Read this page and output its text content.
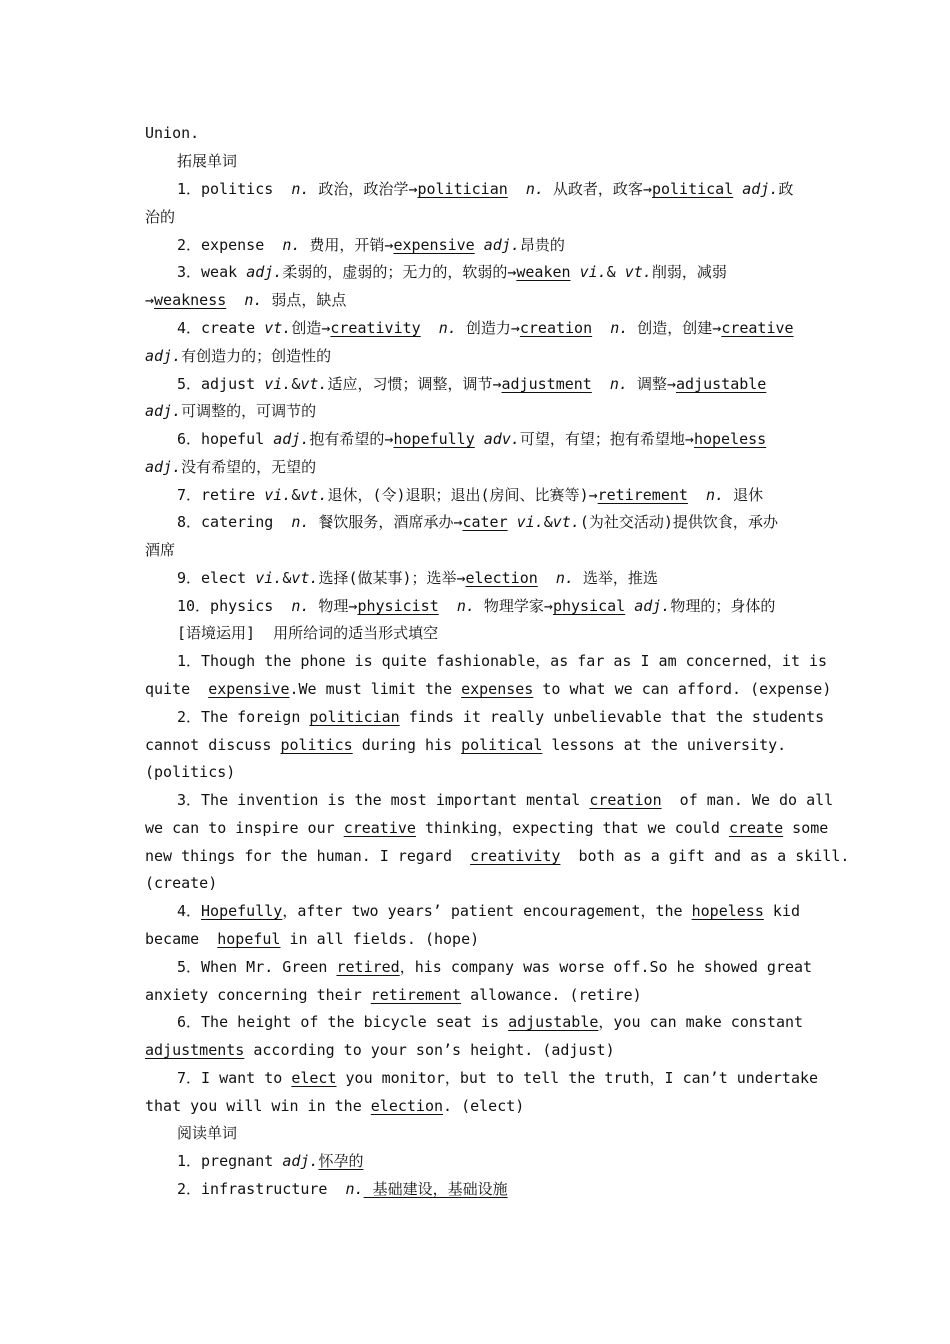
Union.
拓展单词
1．politics  n. 政治，政治学→politician n. 从政者，政客→political adj.政
治的
2．expense  n. 费用，开销→expensive adj.昂贵的
3．weak adj.柔弱的，虚弱的；无力的，软弱的→weaken vi.& vt.削弱，减弱
→weakness n. 弱点，缺点
4．create vt.创造→creativity n. 创造力→creation n. 创造，创建→creative
adj.有创造力的；创造性的
5．adjust vi.&vt.适应，习惯；调整，调节→adjustment n. 调整→adjustable
adj.可调整的，可调节的
6．hopeful adj.抱有希望的→hopefully adv.可望，有望；抱有希望地→hopeless
adj.没有希望的，无望的
7．retire vi.&vt.退休，(令)退职；退出(房间、比赛等)→retirement n. 退休
8．catering  n. 餐饮服务，酒席承办→cater vi.&vt.(为社交活动)提供饮食，承办
酒席
9．elect vi.&vt.选择(做某事)；选举→election n. 选举，推选
10．physics  n. 物理→physicist n. 物理学家→physical adj.物理的；身体的
[语境运用]  用所给词的适当形式填空
1．Though the phone is quite fashionable，as far as I am concerned，it is
quite  expensive.We must limit the expenses to what we can afford. (expense)
2．The foreign politician finds it really unbelievable that the students
cannot discuss politics during his political lessons at the university.
(politics)
3．The invention is the most important mental creation  of man. We do all
we can to inspire our creative thinking，expecting that we could create some
new things for the human. I regard  creativity  both as a gift and as a skill.
(create)
4．Hopefully，after two years’ patient encouragement，the hopeless kid
became  hopeful in all fields. (hope)
5．When Mr. Green retired，his company was worse off.So he showed great
anxiety concerning their retirement allowance. (retire)
6．The height of the bicycle seat is adjustable，you can make constant
adjustments according to your son’s height. (adjust)
7．I want to elect you monitor，but to tell the truth，I can’t undertake
that you will win in the election. (elect)
阅读单词
1．pregnant adj.怀孕的
2．infrastructure  n. 基础建设，基础设施
